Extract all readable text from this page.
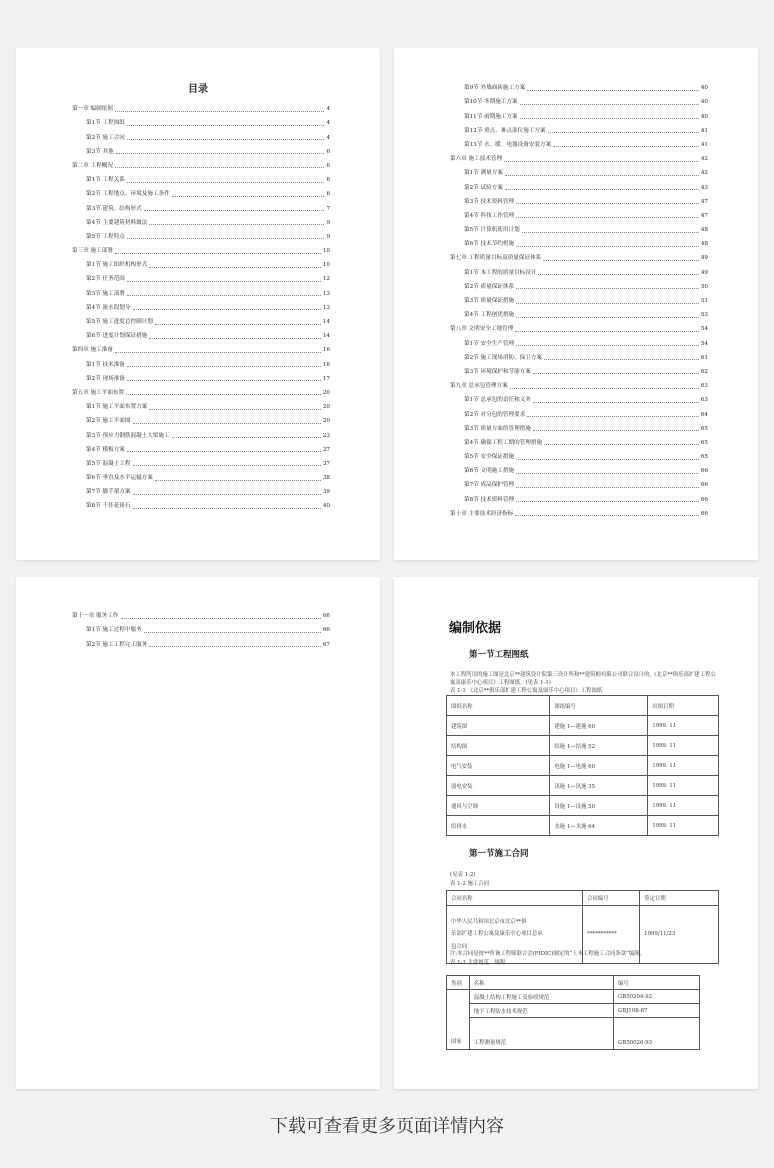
目录
第一章 编制依据	4
第1节 工程图纸	4
第2节 施工合同	4
第3节 其他	6
第二章 工程概况	6
第1节 工程关系	6
第2节 工程地点、环境及施工条件	6
第3节 建筑、结构形式	7
第4节 主要建筑材料做法	9
第5节 工程特点	9
第三章 施工部署	10
第1节 施工组织机构形式	10
第2节 任务范围	12
第3节 施工部署	13
第4节 流水段划分	13
第5节 施工进度总控制计划	14
第6节 进度计划保证措施	14
第四章 施工准备	16
第1节 技术准备	16
第2节 现场准备	17
第五章 施工平面布置	20
第1节 施工平面布置方案	20
第2节 施工平面图	20
第3节 预应力钢筋混凝土大梁施工	23
第4节 模板方案	27
第5节 混凝土工程	37
第6节 垂直及水平运输方案	38
第7节 脚手架方案	39
第8节 干挂花岗石	40
第9节 外墙面砖施工方案	40
第10节 冬期施工方案	40
第11节 雨期施工方案	40
第12节 重点、难点部位施工方案	41
第13节 水、暖、电器设备安装方案	41
第六章 施工技术管理	42
第1节 测量方案	42
第2节 试验方案	43
第3节 技术资料管理	47
第4节 科技工作管理	47
第5节 计算机使用计划	48
第6节 技术节约措施	48
第七章 工程质量目标及质量保证体系	49
第1节 本工程的质量目标设计	49
第2节 质量保证体系	50
第3节 质量保证措施	51
第4节 工程创优措施	53
第八章 文明安全工地管理	54
第1节 安全生产管理	54
第2节 施工现场消防、保卫方案	61
第3节 环境保护和节能方案	62
第九章 总承包管理方案	63
第1节 总承包的责任和义务	63
第2节 对分包的管理要求	64
第3节 质量方面的管理措施	65
第4节 确保工程工期的管理措施	65
第5节 安全保证措施	65
第6节 文明施工措施	66
第7节 成品保护管理	66
第8节 技术资料管理	66
第十章 主要技术经济指标	66
第十一章 服务工作	66
第1节 施工过程中服务	66
第2节 施工工程完工服务	67
编制依据
第一节工程图纸
本工程所用的施工图是北京**建筑设计院第三设计所和**建筑师有限公司联合设计的,《北京**俱乐部扩建工程公寓及康乐中心项目》工程图纸。(见表 1-1)
表 1-1 《北京**俱乐部扩建工程公寓及康乐中心项目》工程图纸
图纸名称	图纸编号	出图日期
建筑图	建施 1—建施 60	1999. 11
结构图	结施 1—结施 52	1999. 11
电气安装	电施 1—电施 60	1999. 11
弱电安装	讯施 1—讯施 35	1999. 11
通风与空调	设施 1—设施 50	1999. 11
给排水	水施 1—水施 64	1999. 11
第一节施工合同
(见表 1-2)
表 1-2 施工合同
合同名称	合同编号	签定日期

中华人民共和国北京市北京**俱
乐部扩建工程公寓及康乐中心项目总承
包合同	***********	1999/11/23
注:本合同是按**咨询工程师联合会(FIDIC)制定的“土木工程施工合同条款”编制。
表 1-3 主要规范、规程
类别	名称	编号
国家	混凝土结构工程施工及验收规范	GB50204-92
	地下工程防水技术规范	GBJ108-87
	工程测量规范	GB50026-93
下载可查看更多页面详情内容
